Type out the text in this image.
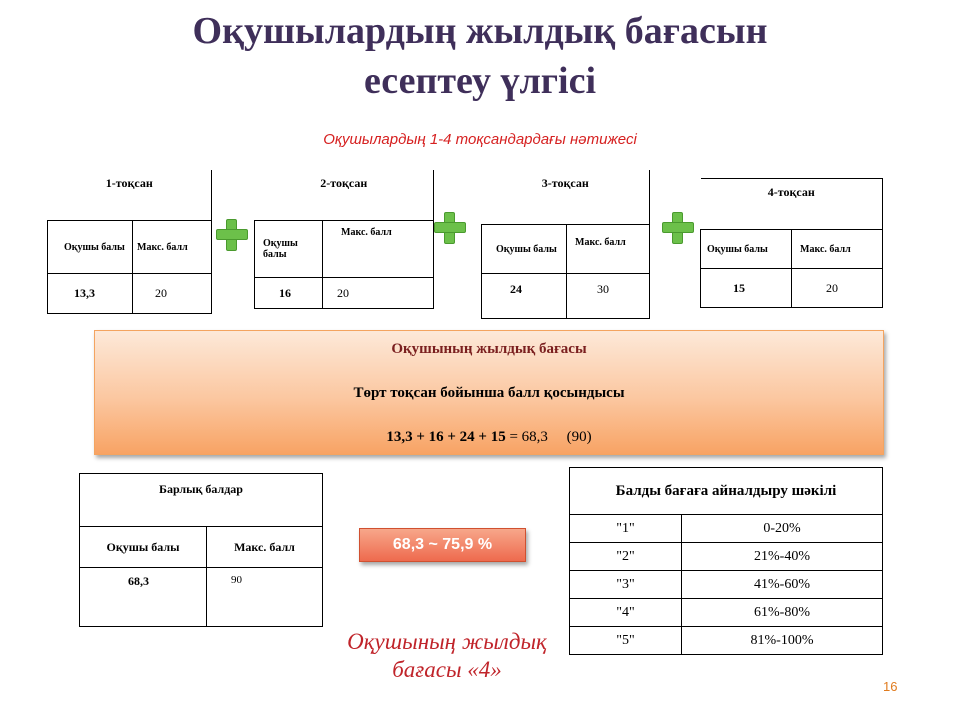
Оқушылардың жылдық бағасын
есептеу үлгісі
Оқушылардың 1-4 тоқсандардағы нәтижесі
1-тоқсан	
Оқушы балы	Макс. балл
13,3	20
2-тоқсан	
Оқушы балы	Макс. балл
16	20
3-тоқсан	
Оқушы балы	Макс. балл
24	30
4-тоқсан	
Оқушы балы	Макс. балл
15	20
Оқушының жылдық бағасы
Төрт тоқсан бойынша балл қосындысы
13,3 + 16 + 24 + 15 = 68,3     (90)
Барлық балдар	
Оқушы балы	Макс. балл
68,3	90
68,3 ~ 75,9 %
Балды бағаға айналдыру шәкілі	
"1"	0-20%
"2"	21%-40%
"3"	41%-60%
"4"	61%-80%
"5"	81%-100%
Оқушының жылдық
бағасы «4»
16
